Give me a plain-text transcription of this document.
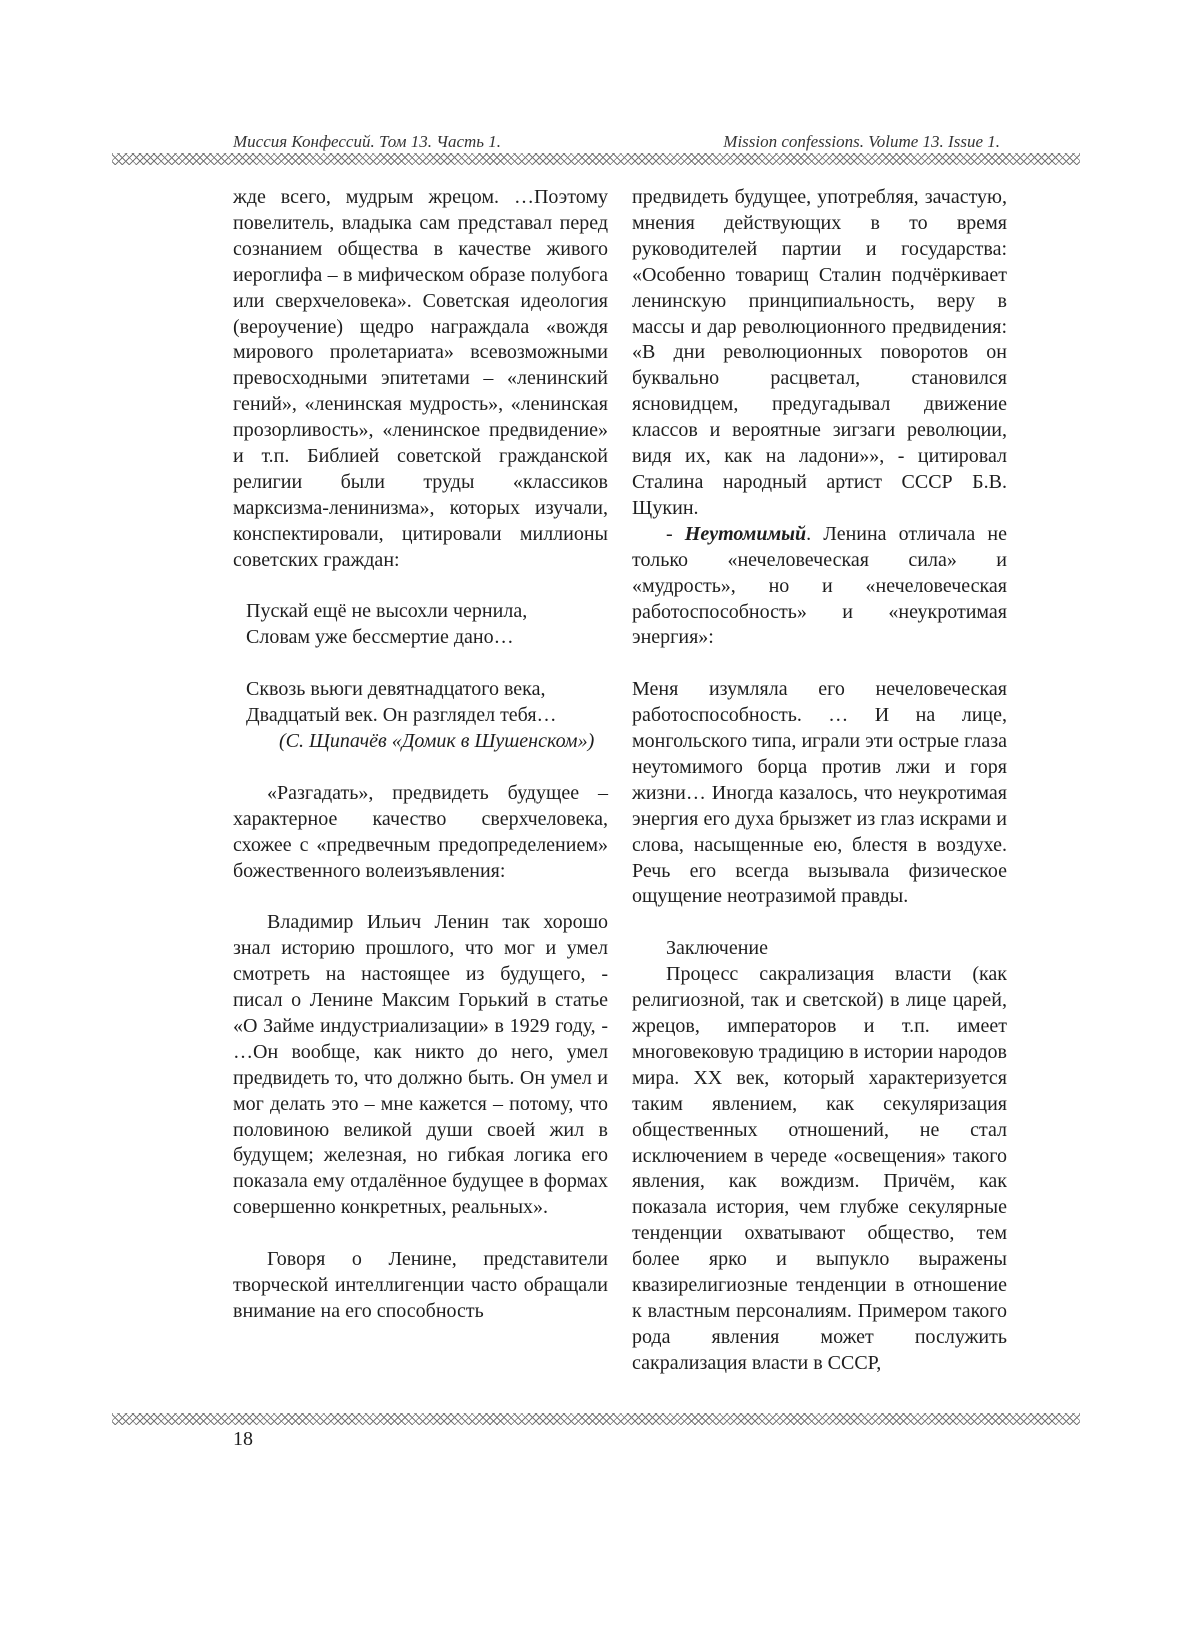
Миссия Конфессий. Том 13. Часть 1.	Mission confessions. Volume 13. Issue 1.

жде всего, мудрым жрецом. …Поэтому повелитель, владыка сам представал перед сознанием общества в качестве живого иероглифа – в мифическом образе полубога или сверхчеловека». Советская идеология (вероучение) щедро награждала «вождя мирового пролетариата» всевозможными превосходными эпитетами – «ленинский гений», «ленинская мудрость», «ленинская прозорливость», «ленинское предвидение» и т.п. Библией советской гражданской религии были труды «классиков марксизма-ленинизма», которых изучали, конспектировали, цитировали миллионы советских граждан:

Пускай ещё не высохли чернила,
Словам уже бессмертие дано…
Сквозь вьюги девятнадцатого века,
Двадцатый век. Он разглядел тебя…
(С. Щипачёв «Домик в Шушенском»)

«Разгадать», предвидеть будущее – характерное качество сверхчеловека, схожее с «предвечным предопределением» божественного волеизъявления:

Владимир Ильич Ленин так хорошо знал историю прошлого, что мог и умел смотреть на настоящее из будущего, - писал о Ленине Максим Горький в статье «О Займе индустриализации» в 1929 году, - …Он вообще, как никто до него, умел предвидеть то, что должно быть. Он умел и мог делать это – мне кажется – потому, что половиною великой души своей жил в будущем; железная, но гибкая логика его показала ему отдалённое будущее в формах совершенно конкретных, реальных».

Говоря о Ленине, представители творческой интеллигенции часто обращали внимание на его способность

предвидеть будущее, употребляя, зачастую, мнения действующих в то время руководителей партии и государства: «Особенно товарищ Сталин подчёркивает ленинскую принципиальность, веру в массы и дар революционного предвидения: «В дни революционных поворотов он буквально расцветал, становился ясновидцем, предугадывал движение классов и вероятные зигзаги революции, видя их, как на ладони»», - цитировал Сталина народный артист СССР Б.В. Щукин.

- Неутомимый. Ленина отличала не только «нечеловеческая сила» и «мудрость», но и «нечеловеческая работоспособность» и «неукротимая энергия»:

Меня изумляла его нечеловеческая работоспособность. … И на лице, монгольского типа, играли эти острые глаза неутомимого борца против лжи и горя жизни… Иногда казалось, что неукротимая энергия его духа брызжет из глаз искрами и слова, насыщенные ею, блестя в воздухе. Речь его всегда вызывала физическое ощущение неотразимой правды.

Заключение

Процесс сакрализация власти (как религиозной, так и светской) в лице царей, жрецов, императоров и т.п. имеет многовековую традицию в истории народов мира. XX век, который характеризуется таким явлением, как секуляризация общественных отношений, не стал исключением в череде «освещения» такого явления, как вождизм. Причём, как показала история, чем глубже секулярные тенденции охватывают общество, тем более ярко и выпукло выражены квазирелигиозные тенденции в отношение к властным персоналиям. Примером такого рода явления может послужить сакрализация власти в СССР,

18
